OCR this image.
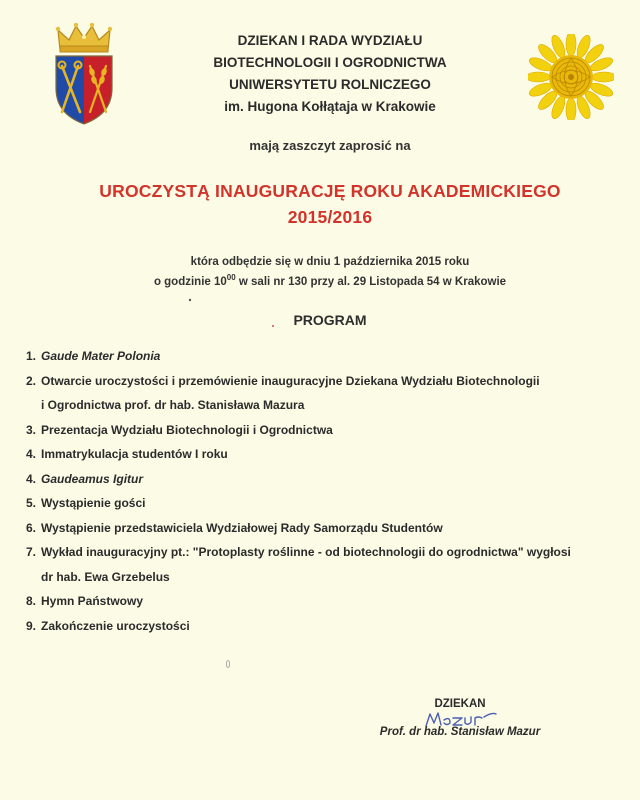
DZIEKAN I RADA WYDZIAŁU
BIOTECHNOLOGII I OGRODNICTWA
UNIWERSYTETU ROLNICZEGO
im. Hugona Kołłątaja w Krakowie
mają zaszczyt zaprosić na
UROCZYSTĄ INAUGURACJĘ ROKU AKADEMICKIEGO
2015/2016
która odbędzie się w dniu 1 października 2015 roku
o godzinie $10^{00}$ w sali nr 130 przy al. 29 Listopada 54 w Krakowie
PROGRAM
1. Gaude Mater Polonia
2. Otwarcie uroczystości i przemówienie inauguracyjne Dziekana Wydziału Biotechnologii
i Ogrodnictwa prof. dr hab. Stanisława Mazura
3. Prezentacja Wydziału Biotechnologii i Ogrodnictwa
4. Immatrykulacja studentów I roku
4. Gaudeamus Igitur
5. Wystąpienie gości
6. Wystąpienie przedstawiciela Wydziałowej Rady Samorządu Studentów
7. Wykład inauguracyjny pt.: "Protoplasty roślinne - od biotechnologii do ogrodnictwa" wygłosi
dr hab. Ewa Grzebelus
8. Hymn Państwowy
9. Zakończenie uroczystości
DZIEKAN
Prof. dr hab. Stanisław Mazur
